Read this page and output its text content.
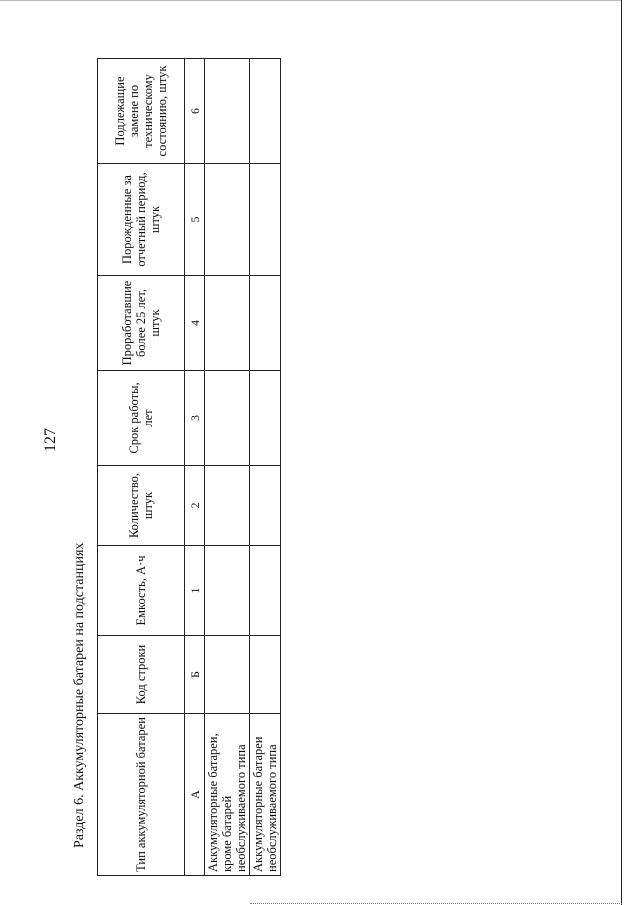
127
Раздел 6. Аккумуляторные батареи на подстанциях	Тип аккумуляторной батареи	Код строки	Емкость, А·ч	Количество, штук	Срок работы, лет	Проработавшие более 25 лет, штук	Порожденные за отчетный период, штук	Подлежащие замене по техническому состоянию, штук
А	Б	1	2	3	4	5	6
Аккумуляторные батареи, кроме батарей необслуживаемого типа							
Аккумуляторные батареи необслуживаемого типа							
